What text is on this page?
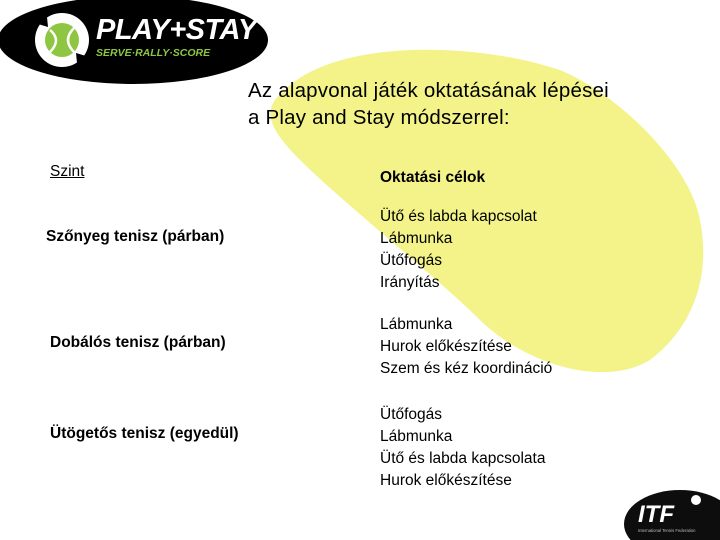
PLAY+STAY
SERVE·RALLY·SCORE
Az alapvonal játék oktatásának lépései
a Play and Stay módszerrel:
Szint	Oktatási célok
Szőnyeg tenisz (párban)
Ütő és labda kapcsolat
Lábmunka
Ütőfogás
Irányítás
Dobálós tenisz (párban)
Lábmunka
Hurok előkészítése
Szem és kéz koordináció
Ütögetős tenisz (egyedül)
Ütőfogás
Lábmunka
Ütő és labda kapcsolata
Hurok előkészítése
ITF
International Tennis Federation
